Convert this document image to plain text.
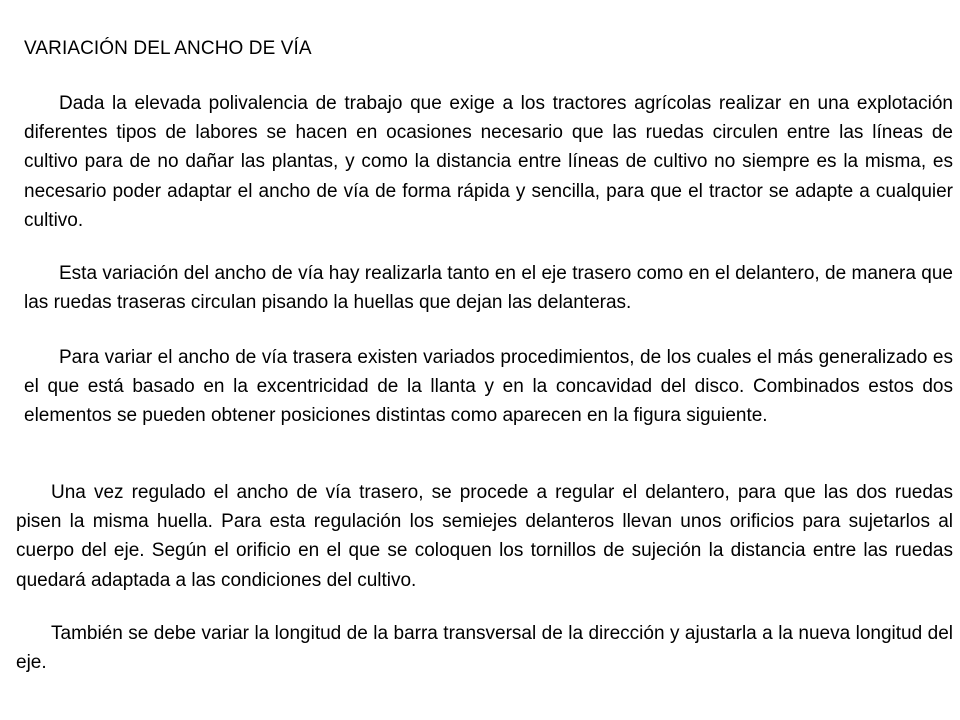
VARIACIÓN DEL ANCHO DE VÍA

Dada la elevada polivalencia de trabajo que exige a los tractores agrícolas realizar en una explotación diferentes tipos de labores se hacen en ocasiones necesario que las ruedas circulen entre las líneas de cultivo para de no dañar las plantas, y como la distancia entre líneas de cultivo no siempre es la misma, es necesario poder adaptar el ancho de vía de forma rápida y sencilla, para que el tractor se adapte a cualquier cultivo.

Esta variación del ancho de vía hay realizarla tanto en el eje trasero como en el delantero, de manera que las ruedas traseras circulan pisando la huellas que dejan las delanteras.

Para variar el ancho de vía trasera existen variados procedimientos, de los cuales el más generalizado es el que está basado en la excentricidad de la llanta y en la concavidad del disco. Combinados estos dos elementos se pueden obtener posiciones distintas como aparecen en la figura siguiente.

Una vez regulado el ancho de vía trasero, se procede a regular el delantero, para que las dos ruedas pisen la misma huella. Para esta regulación los semiejes delanteros llevan unos orificios para sujetarlos al cuerpo del eje. Según el orificio en el que se coloquen los tornillos de sujeción la distancia entre las ruedas quedará adaptada a las condiciones del cultivo.

También se debe variar la longitud de la barra transversal de la dirección y ajustarla a la nueva longitud del eje.
